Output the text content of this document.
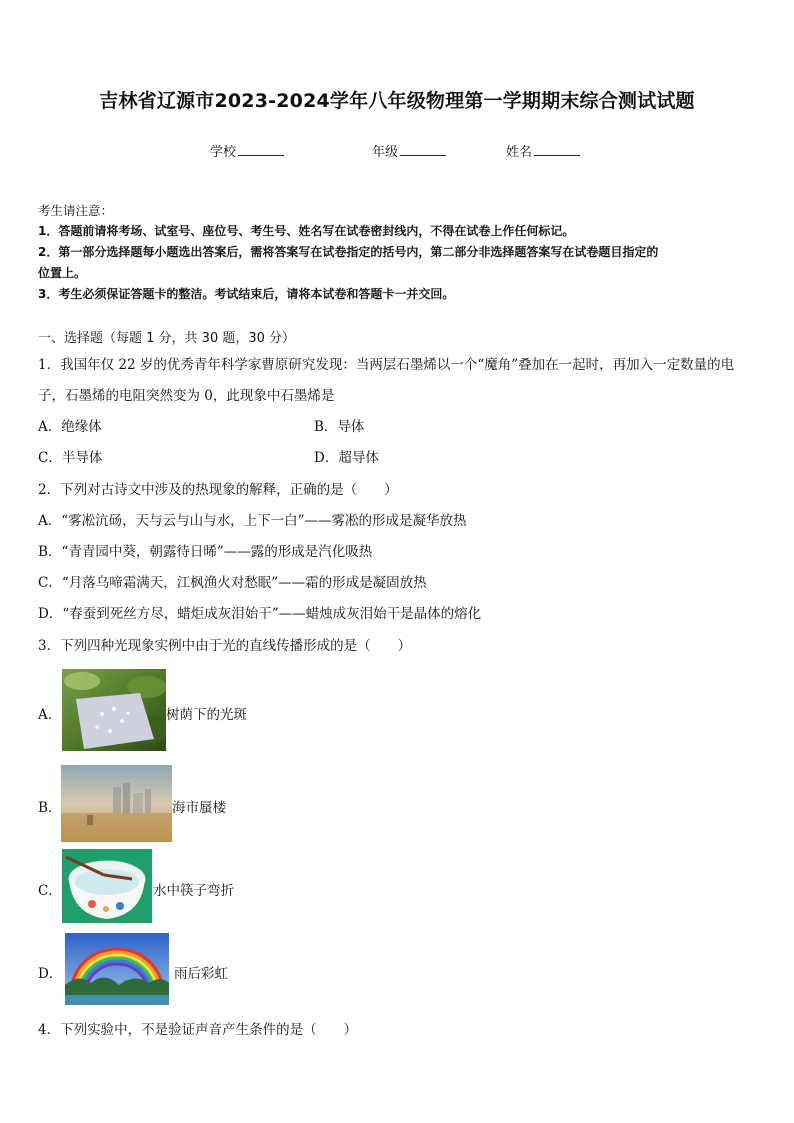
吉林省辽源市2023-2024学年八年级物理第一学期期末综合测试试题
学校	年级	姓名
考生请注意：
1．答题前请将考场、试室号、座位号、考生号、姓名写在试卷密封线内，不得在试卷上作任何标记。
2．第一部分选择题每小题选出答案后，需将答案写在试卷指定的括号内，第二部分非选择题答案写在试卷题目指定的
位置上。
3．考生必须保证答题卡的整洁。考试结束后，请将本试卷和答题卡一并交回。
一、选择题（每题 1 分，共 30 题，30 分）
1．我国年仅 22 岁的优秀青年科学家曹原研究发现：当两层石墨烯以一个“魔角”叠加在一起时，再加入一定数量的电
子，石墨烯的电阻突然变为 0，此现象中石墨烯是
A．绝缘体	B．导体
C．半导体	D．超导体
2．下列对古诗文中涉及的热现象的解释，正确的是（　　）
A．“雾凇沆砀，天与云与山与水，上下一白”——雾凇的形成是凝华放热
B．“青青园中葵，朝露待日晞”——露的形成是汽化吸热
C．“月落乌啼霜满天，江枫渔火对愁眠”——霜的形成是凝固放热
D．“春蚕到死丝方尽，蜡炬成灰泪始干”——蜡烛成灰泪始干是晶体的熔化
3．下列四种光现象实例中由于光的直线传播形成的是（　　）
A．	树荫下的光斑
B．	海市蜃楼
C．	水中筷子弯折
D．	雨后彩虹
4．下列实验中，不是验证声音产生条件的是（　　）
